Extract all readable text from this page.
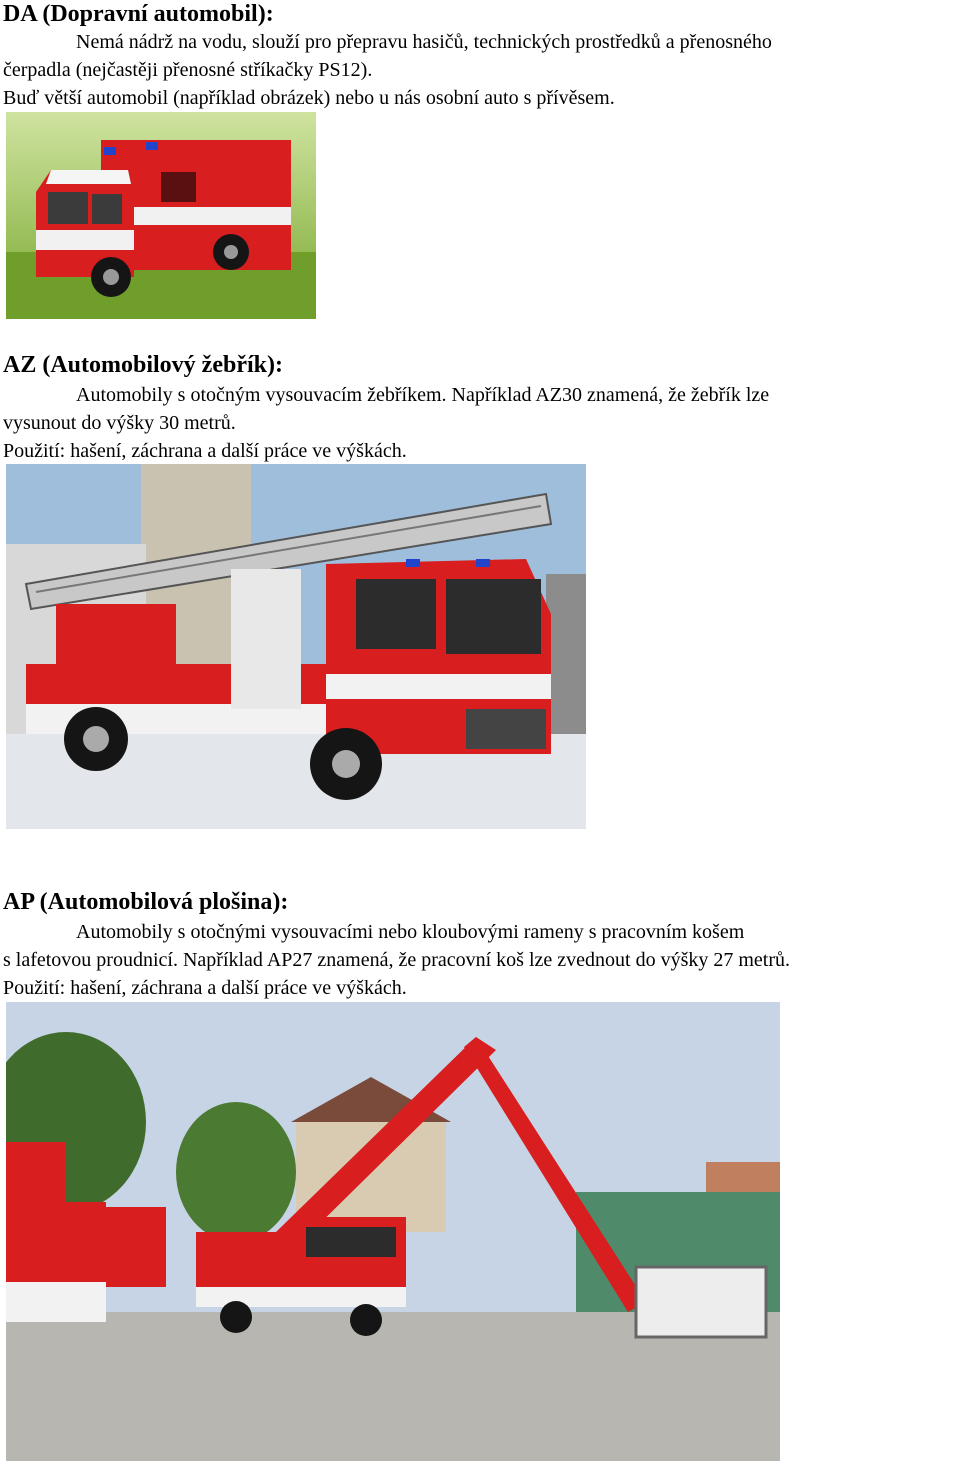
DA (Dopravní automobil):

Nemá nádrž na vodu, slouží pro přepravu hasičů, technických prostředků a přenosného

čerpadla (nejčastěji přenosné stříkačky PS12).

Buď větší automobil (například obrázek) nebo u nás osobní auto s přívěsem.

AZ (Automobilový žebřík):

Automobily s otočným vysouvacím žebříkem. Například AZ30 znamená, že žebřík lze

vysunout do výšky 30 metrů.

Použití: hašení, záchrana a další práce ve výškách.

AP (Automobilová plošina):

Automobily s otočnými vysouvacími nebo kloubovými rameny s pracovním košem

s lafetovou proudnicí. Například AP27 znamená, že pracovní koš lze zvednout do výšky 27 metrů.

Použití: hašení, záchrana a další práce ve výškách.
